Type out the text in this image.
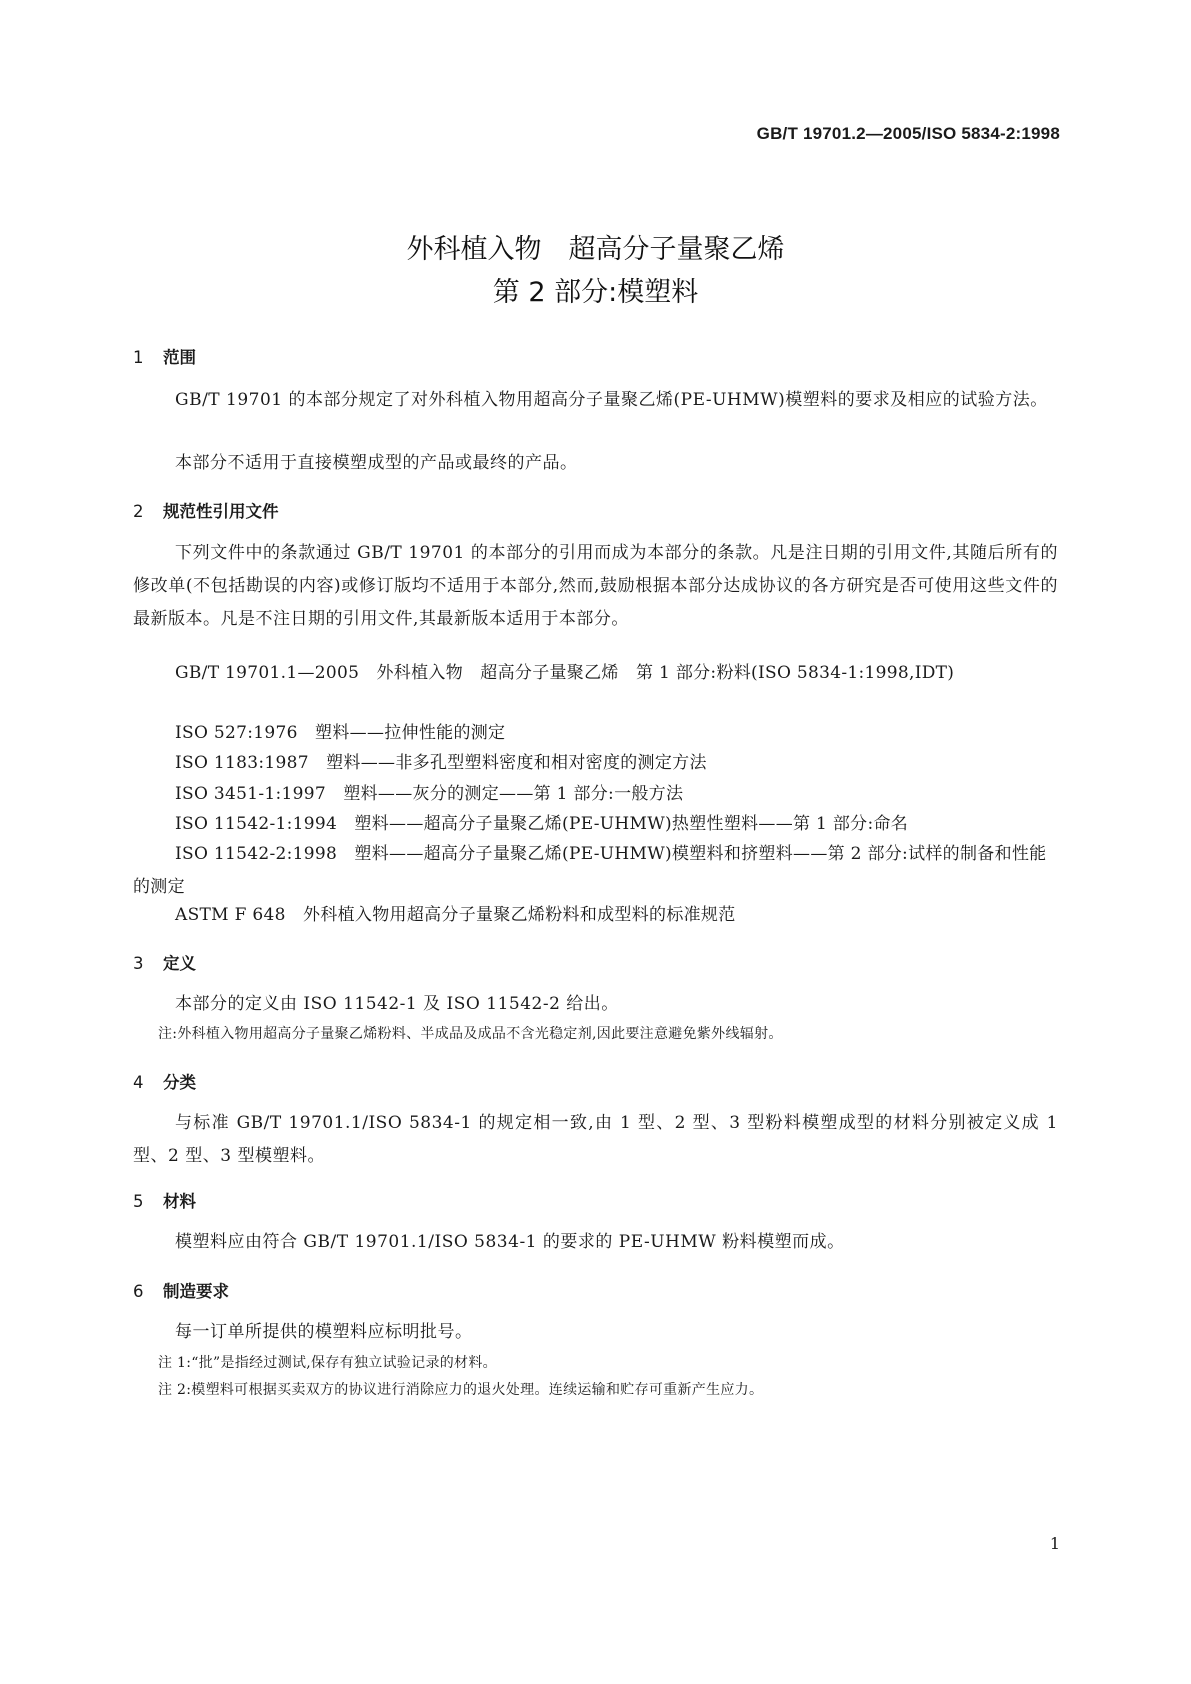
GB/T 19701.2—2005/ISO 5834-2:1998
外科植入物　超高分子量聚乙烯
第 2 部分:模塑料
1 范围

GB/T 19701 的本部分规定了对外科植入物用超高分子量聚乙烯(PE-UHMW)模塑料的要求及相应的试验方法。

本部分不适用于直接模塑成型的产品或最终的产品。

2 规范性引用文件

下列文件中的条款通过 GB/T 19701 的本部分的引用而成为本部分的条款。凡是注日期的引用文件,其随后所有的修改单(不包括勘误的内容)或修订版均不适用于本部分,然而,鼓励根据本部分达成协议的各方研究是否可使用这些文件的最新版本。凡是不注日期的引用文件,其最新版本适用于本部分。

GB/T 19701.1—2005　外科植入物　超高分子量聚乙烯　第 1 部分:粉料(ISO 5834-1:1998,IDT)

ISO 527:1976　塑料——拉伸性能的测定

ISO 1183:1987　塑料——非多孔型塑料密度和相对密度的测定方法

ISO 3451-1:1997　塑料——灰分的测定——第 1 部分:一般方法

ISO 11542-1:1994　塑料——超高分子量聚乙烯(PE-UHMW)热塑性塑料——第 1 部分:命名

ISO 11542-2:1998　塑料——超高分子量聚乙烯(PE-UHMW)模塑料和挤塑料——第 2 部分:试样的制备和性能的测定

ASTM F 648　外科植入物用超高分子量聚乙烯粉料和成型料的标准规范

3 定义

本部分的定义由 ISO 11542-1 及 ISO 11542-2 给出。

注:外科植入物用超高分子量聚乙烯粉料、半成品及成品不含光稳定剂,因此要注意避免紫外线辐射。

4 分类

与标准 GB/T 19701.1/ISO 5834-1 的规定相一致,由 1 型、2 型、3 型粉料模塑成型的材料分别被定义成 1 型、2 型、3 型模塑料。

5 材料

模塑料应由符合 GB/T 19701.1/ISO 5834-1 的要求的 PE-UHMW 粉料模塑而成。

6 制造要求

每一订单所提供的模塑料应标明批号。

注 1:“批”是指经过测试,保存有独立试验记录的材料。

注 2:模塑料可根据买卖双方的协议进行消除应力的退火处理。连续运输和贮存可重新产生应力。

1
